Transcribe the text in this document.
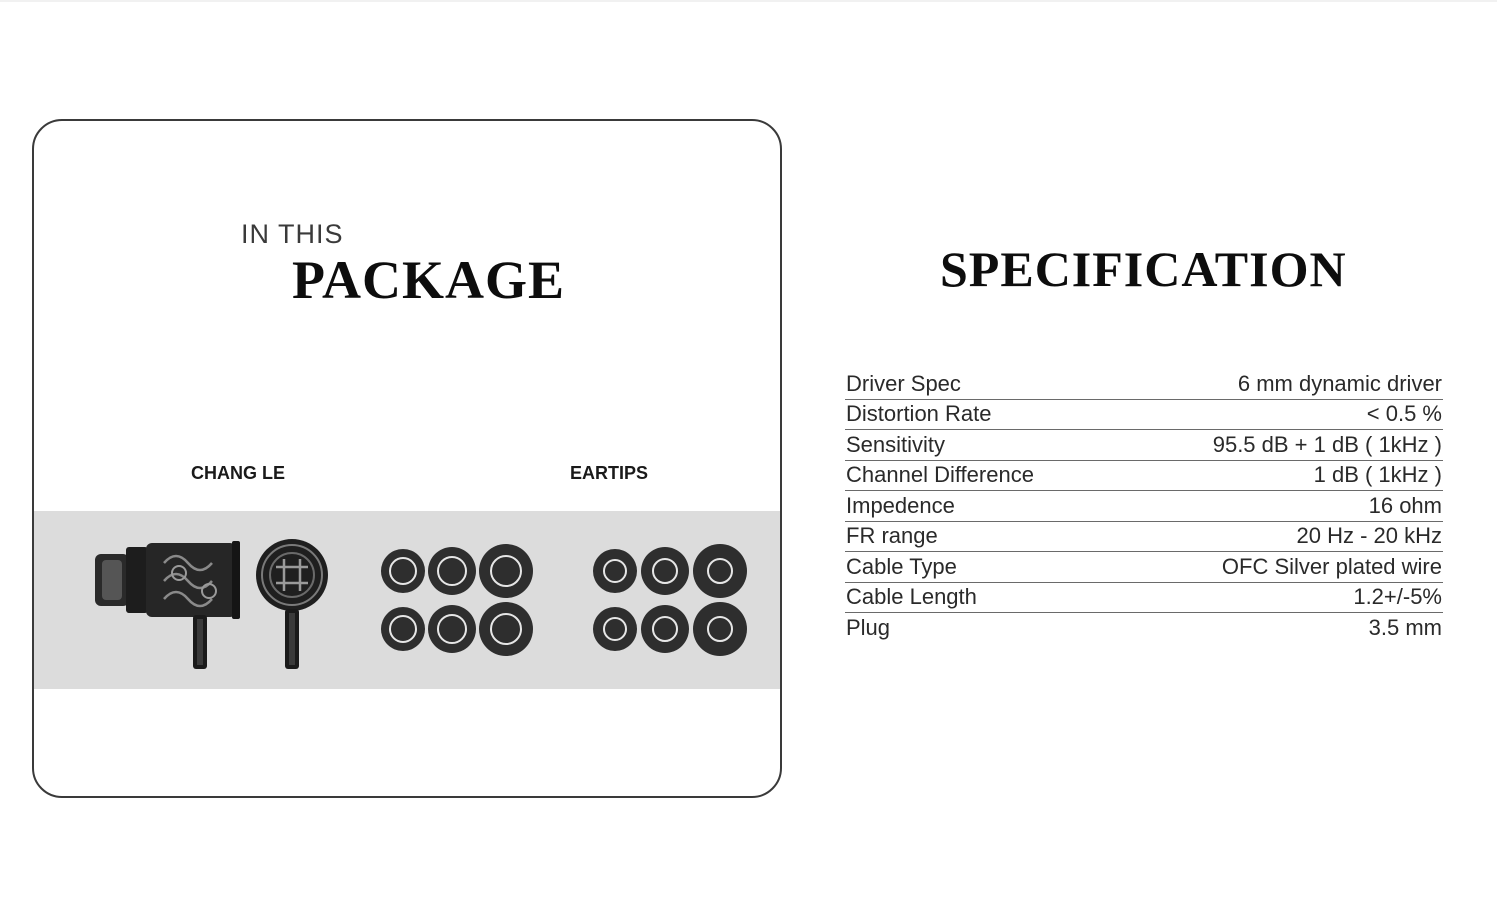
IN THIS
PACKAGE
CHANG LE	EARTIPS
SPECIFICATION
Driver Spec	6 mm dynamic driver
Distortion Rate	< 0.5 %
Sensitivity	95.5 dB + 1 dB ( 1kHz )
Channel Difference	1 dB ( 1kHz )
Impedence	16 ohm
FR range	20 Hz - 20 kHz
Cable Type	OFC Silver plated wire
Cable Length	1.2+/-5%
Plug	3.5 mm
